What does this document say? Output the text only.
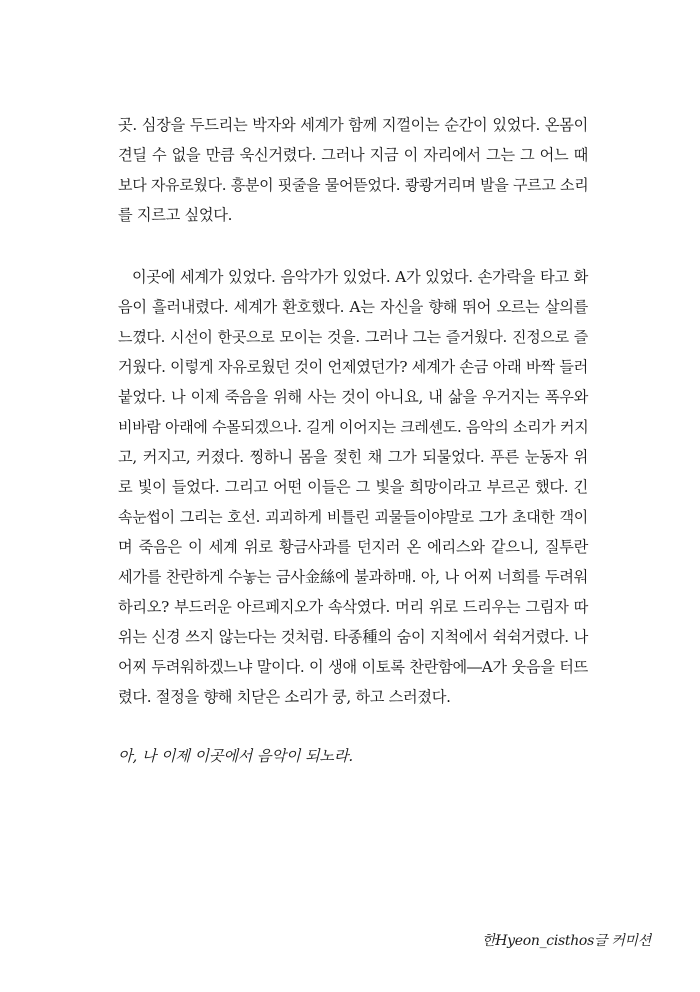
곳. 심장을 두드리는 박자와 세계가 함께 지껄이는 순간이 있었다. 온몸이
견딜 수 없을 만큼 욱신거렸다. 그러나 지금 이 자리에서 그는 그 어느 때
보다 자유로웠다. 흥분이 핏줄을 물어뜯었다. 쾅쾅거리며 발을 구르고 소리
를 지르고 싶었다.
이곳에 세계가 있었다. 음악가가 있었다. A가 있었다. 손가락을 타고 화
음이 흘러내렸다. 세계가 환호했다. A는 자신을 향해 뛰어 오르는 살의를
느꼈다. 시선이 한곳으로 모이는 것을. 그러나 그는 즐거웠다. 진정으로 즐
거웠다. 이렇게 자유로웠던 것이 언제였던가? 세계가 손금 아래 바짝 들러
붙었다. 나 이제 죽음을 위해 사는 것이 아니요, 내 삶을 우거지는 폭우와
비바람 아래에 수몰되겠으나. 길게 이어지는 크레셴도. 음악의 소리가 커지
고, 커지고, 커졌다. 찡하니 몸을 젖힌 채 그가 되물었다. 푸른 눈동자 위
로 빛이 들었다. 그리고 어떤 이들은 그 빛을 희망이라고 부르곤 했다. 긴
속눈썹이 그리는 호선. 괴괴하게 비틀린 괴물들이야말로 그가 초대한 객이
며 죽음은 이 세계 위로 황금사과를 던지러 온 에리스와 같으니, 질투란
세가를 찬란하게 수놓는 금사金絲에 불과하매. 아, 나 어찌 너희를 두려워
하리오? 부드러운 아르페지오가 속삭였다. 머리 위로 드리우는 그림자 따
위는 신경 쓰지 않는다는 것처럼. 타종種의 숨이 지척에서 쉭쉭거렸다. 나
어찌 두려워하겠느냐 말이다. 이 생애 이토록 찬란함에―A가 웃음을 터뜨
렸다. 절정을 향해 치닫은 소리가 쿵, 하고 스러졌다.
아, 나 이제 이곳에서 음악이 되노라.
한Hyeon_cisthos글 커미션
